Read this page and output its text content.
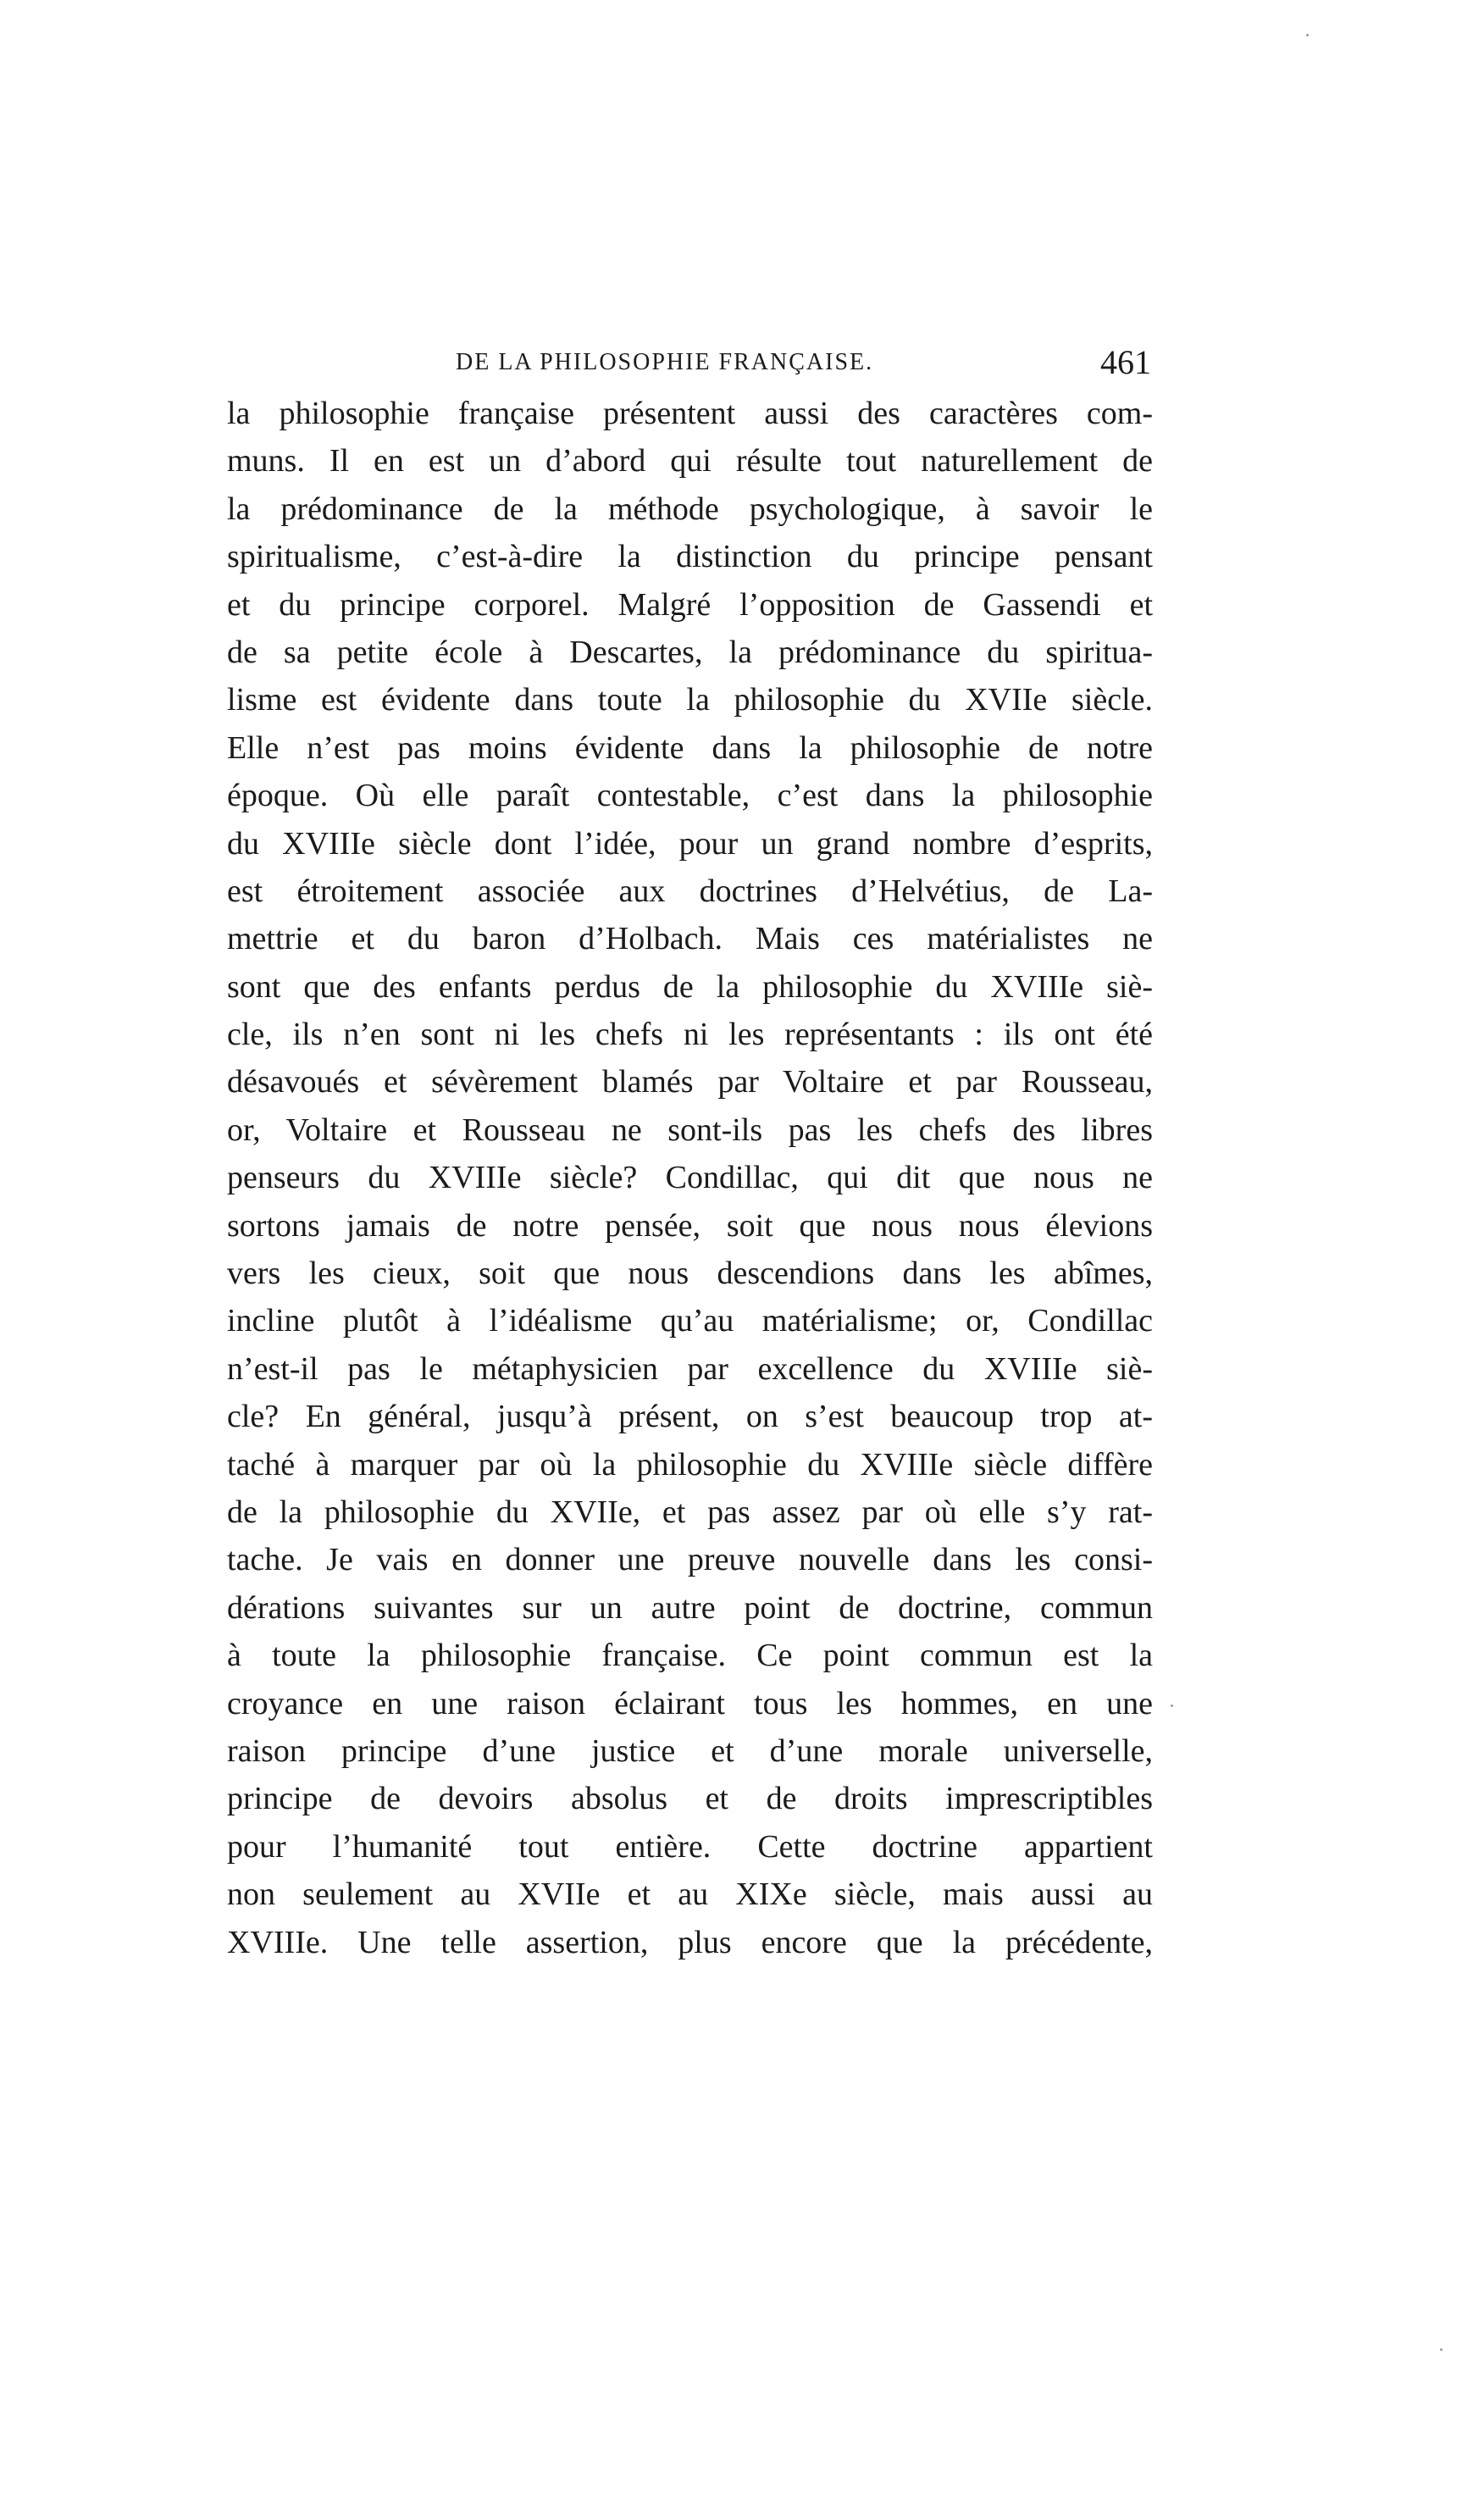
DE LA PHILOSOPHIE FRANÇAISE.	461
la philosophie française présentent aussi des caractères com-
muns. Il en est un d’abord qui résulte tout naturellement de
la prédominance de la méthode psychologique, à savoir le
spiritualisme, c’est-à-dire la distinction du principe pensant
et du principe corporel. Malgré l’opposition de Gassendi et
de sa petite école à Descartes, la prédominance du spiritua-
lisme est évidente dans toute la philosophie du XVIIe siècle.
Elle n’est pas moins évidente dans la philosophie de notre
époque. Où elle paraît contestable, c’est dans la philosophie
du XVIIIe siècle dont l’idée, pour un grand nombre d’esprits,
est étroitement associée aux doctrines d’Helvétius, de La-
mettrie et du baron d’Holbach. Mais ces matérialistes ne
sont que des enfants perdus de la philosophie du XVIIIe siè-
cle, ils n’en sont ni les chefs ni les représentants : ils ont été
désavoués et sévèrement blamés par Voltaire et par Rousseau,
or, Voltaire et Rousseau ne sont-ils pas les chefs des libres
penseurs du XVIIIe siècle? Condillac, qui dit que nous ne
sortons jamais de notre pensée, soit que nous nous élevions
vers les cieux, soit que nous descendions dans les abîmes,
incline plutôt à l’idéalisme qu’au matérialisme; or, Condillac
n’est-il pas le métaphysicien par excellence du XVIIIe siè-
cle? En général, jusqu’à présent, on s’est beaucoup trop at-
taché à marquer par où la philosophie du XVIIIe siècle diffère
de la philosophie du XVIIe, et pas assez par où elle s’y rat-
tache. Je vais en donner une preuve nouvelle dans les consi-
dérations suivantes sur un autre point de doctrine, commun
à toute la philosophie française. Ce point commun est la
croyance en une raison éclairant tous les hommes, en une
raison principe d’une justice et d’une morale universelle,
principe de devoirs absolus et de droits imprescriptibles
pour l’humanité tout entière. Cette doctrine appartient
non seulement au XVIIe et au XIXe siècle, mais aussi au
XVIIIe. Une telle assertion, plus encore que la précédente,
